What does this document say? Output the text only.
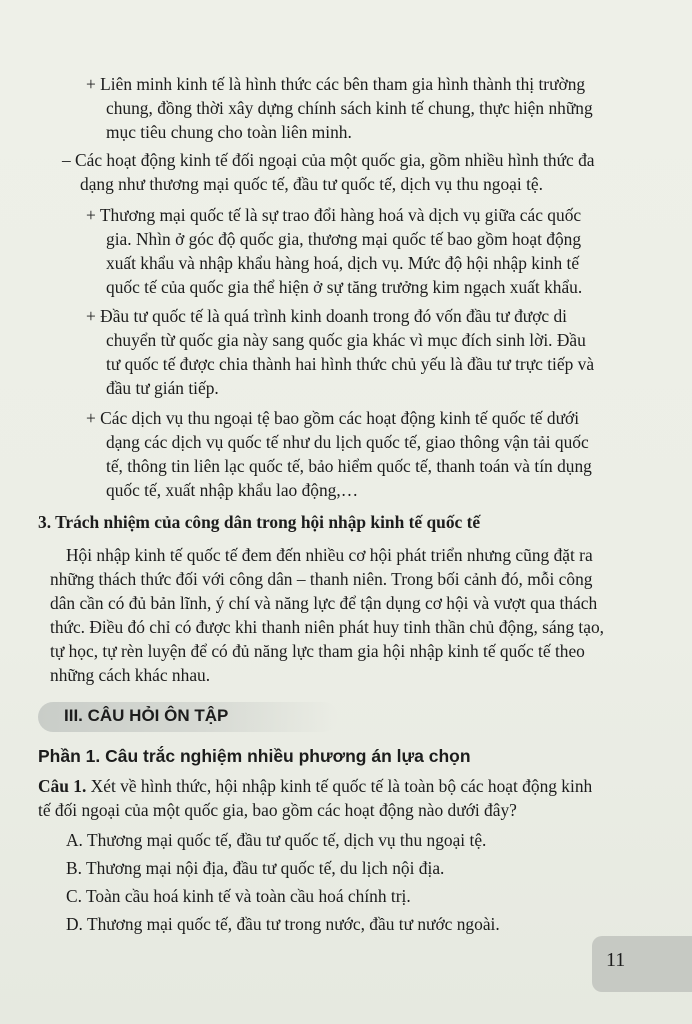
+ Liên minh kinh tế là hình thức các bên tham gia hình thành thị trường
chung, đồng thời xây dựng chính sách kinh tế chung, thực hiện những
mục tiêu chung cho toàn liên minh.
– Các hoạt động kinh tế đối ngoại của một quốc gia, gồm nhiều hình thức đa
dạng như thương mại quốc tế, đầu tư quốc tế, dịch vụ thu ngoại tệ.
+ Thương mại quốc tế là sự trao đổi hàng hoá và dịch vụ giữa các quốc
gia. Nhìn ở góc độ quốc gia, thương mại quốc tế bao gồm hoạt động
xuất khẩu và nhập khẩu hàng hoá, dịch vụ. Mức độ hội nhập kinh tế
quốc tế của quốc gia thể hiện ở sự tăng trưởng kim ngạch xuất khẩu.
+ Đầu tư quốc tế là quá trình kinh doanh trong đó vốn đầu tư được di
chuyển từ quốc gia này sang quốc gia khác vì mục đích sinh lời. Đầu
tư quốc tế được chia thành hai hình thức chủ yếu là đầu tư trực tiếp và
đầu tư gián tiếp.
+ Các dịch vụ thu ngoại tệ bao gồm các hoạt động kinh tế quốc tế dưới
dạng các dịch vụ quốc tế như du lịch quốc tế, giao thông vận tải quốc
tế, thông tin liên lạc quốc tế, bảo hiểm quốc tế, thanh toán và tín dụng
quốc tế, xuất nhập khẩu lao động,…
3. Trách nhiệm của công dân trong hội nhập kinh tế quốc tế
Hội nhập kinh tế quốc tế đem đến nhiều cơ hội phát triển nhưng cũng đặt ra
những thách thức đối với công dân – thanh niên. Trong bối cảnh đó, mỗi công
dân cần có đủ bản lĩnh, ý chí và năng lực để tận dụng cơ hội và vượt qua thách
thức. Điều đó chỉ có được khi thanh niên phát huy tinh thần chủ động, sáng tạo,
tự học, tự rèn luyện để có đủ năng lực tham gia hội nhập kinh tế quốc tế theo
những cách khác nhau.
III. CÂU HỎI ÔN TẬP
Phần 1. Câu trắc nghiệm nhiều phương án lựa chọn
Câu 1. Xét về hình thức, hội nhập kinh tế quốc tế là toàn bộ các hoạt động kinh
tế đối ngoại của một quốc gia, bao gồm các hoạt động nào dưới đây?
A. Thương mại quốc tế, đầu tư quốc tế, dịch vụ thu ngoại tệ.
B. Thương mại nội địa, đầu tư quốc tế, du lịch nội địa.
C. Toàn cầu hoá kinh tế và toàn cầu hoá chính trị.
D. Thương mại quốc tế, đầu tư trong nước, đầu tư nước ngoài.
11
